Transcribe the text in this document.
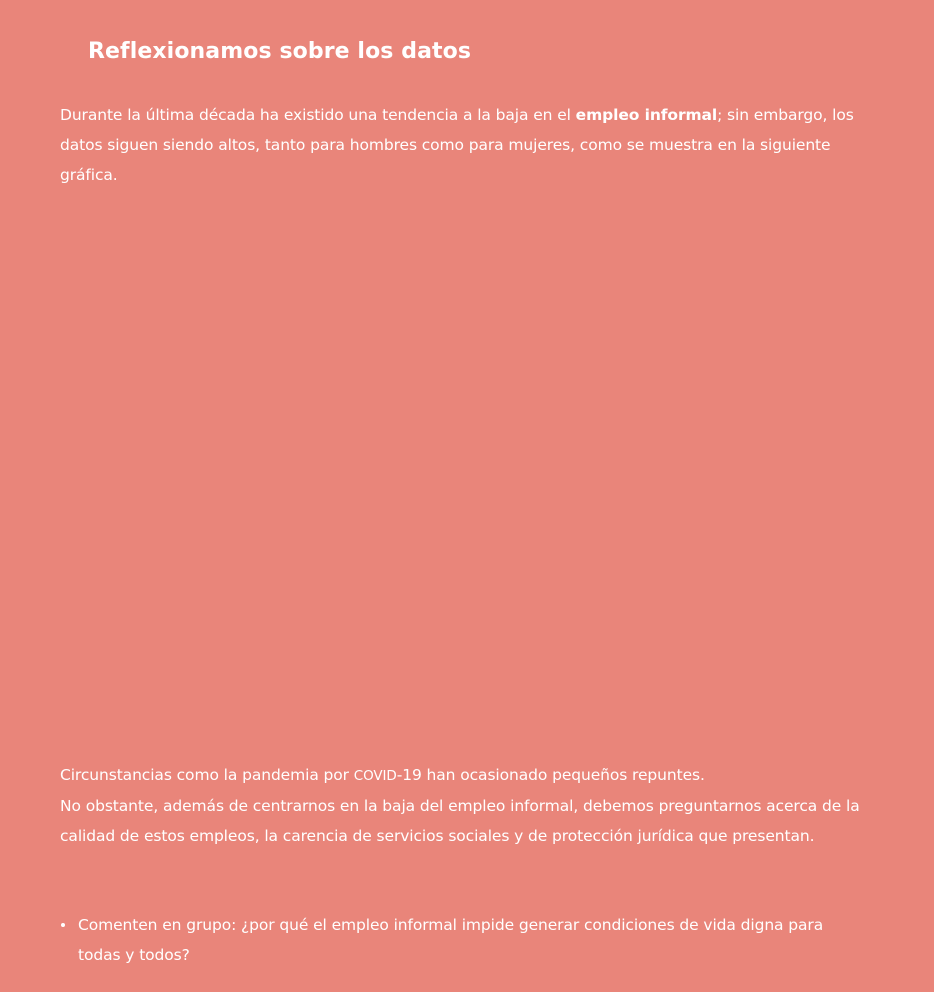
Reflexionamos sobre los datos

Durante la última década ha existido una tendencia a la baja en el empleo informal; sin embargo, los datos siguen siendo altos, tanto para hombres como para mujeres, como se muestra en la siguiente gráfica.

Circunstancias como la pandemia por COVID-19 han ocasionado pequeños repuntes.
No obstante, además de centrarnos en la baja del empleo informal, debemos preguntarnos acerca de la calidad de estos empleos, la carencia de servicios sociales y de protección jurídica que presentan.

Comenten en grupo: ¿por qué el empleo informal impide generar condiciones de vida digna para todas y todos?
